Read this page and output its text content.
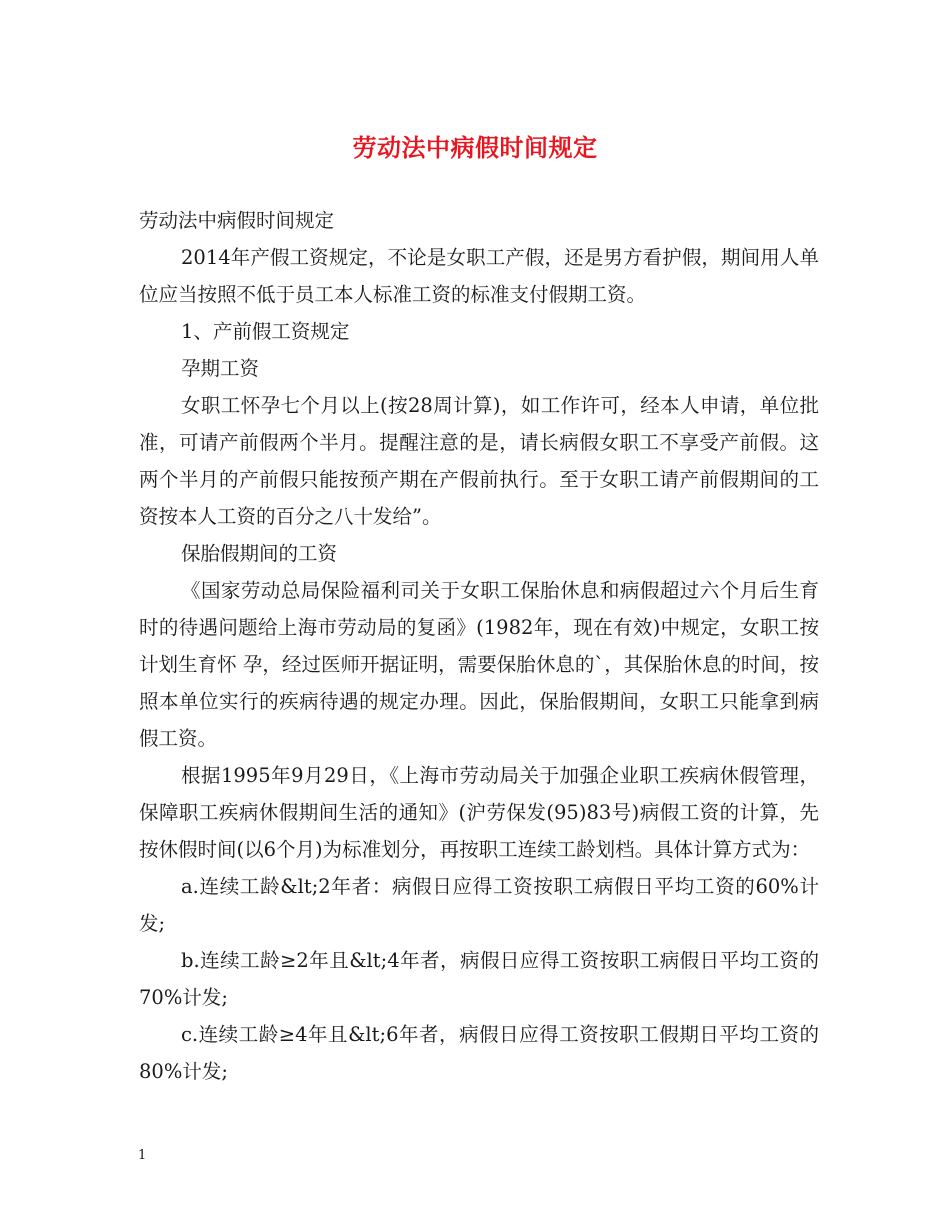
劳动法中病假时间规定

劳动法中病假时间规定

2014年产假工资规定，不论是女职工产假，还是男方看护假，期间用人单位应当按照不低于员工本人标准工资的标准支付假期工资。

1、产前假工资规定

孕期工资

女职工怀孕七个月以上(按28周计算)，如工作许可，经本人申请，单位批准，可请产前假两个半月。提醒注意的是，请长病假女职工不享受产前假。这两个半月的产前假只能按预产期在产假前执行。至于女职工请产前假期间的工资按本人工资的百分之八十发给”。

保胎假期间的工资

《国家劳动总局保险福利司关于女职工保胎休息和病假超过六个月后生育时的待遇问题给上海市劳动局的复函》(1982年，现在有效)中规定，女职工按计划生育怀 孕，经过医师开据证明，需要保胎休息的`，其保胎休息的时间，按照本单位实行的疾病待遇的规定办理。因此，保胎假期间，女职工只能拿到病假工资。

根据1995年9月29日，《上海市劳动局关于加强企业职工疾病休假管理，保障职工疾病休假期间生活的通知》(沪劳保发(95)83号)病假工资的计算，先按休假时间(以6个月)为标准划分，再按职工连续工龄划档。具体计算方式为：

a.连续工龄&lt;2年者：病假日应得工资按职工病假日平均工资的60%计发;

b.连续工龄≥2年且&lt;4年者，病假日应得工资按职工病假日平均工资的70%计发;

c.连续工龄≥4年且&lt;6年者，病假日应得工资按职工假期日平均工资的80%计发;

1
